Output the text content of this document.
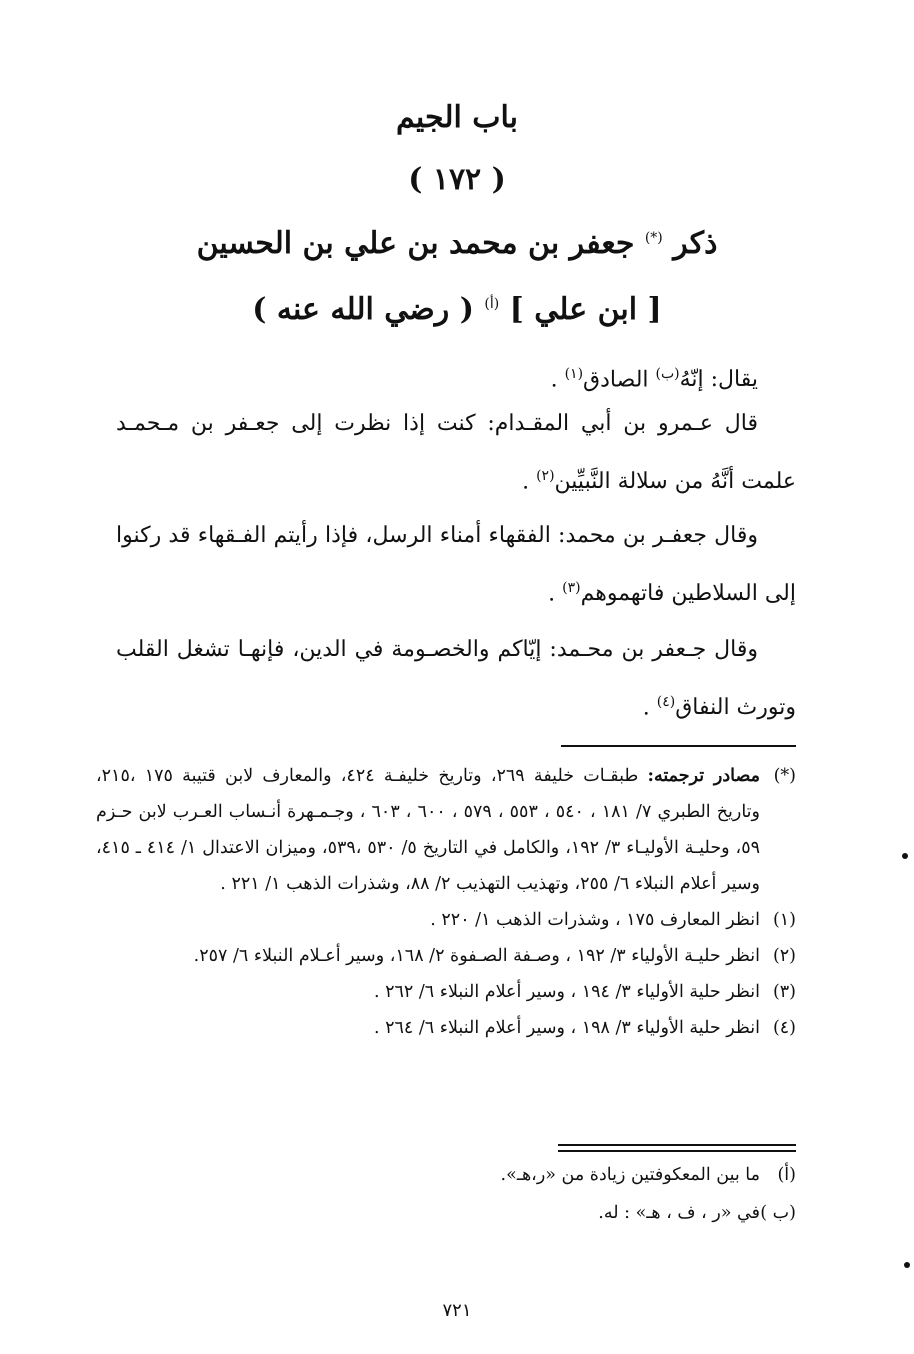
باب الجيم
( ١٧٢ )
ذكر (*) جعفر بن محمد بن علي بن الحسين
[ ابن علي ] $^{(أ)}$ ( رضي الله عنه )
يقال: إنّهُ$^{(ب)}$ الصادق$^{(١)}$ .
قال عـمرو بن أبي المقـدام: كنت إذا نظرت إلى جعـفر بن مـحمـد علمت أنَّهُ من سلالة النَّبيِّين$^{(٢)}$ .
وقال جعفـر بن محمد: الفقهاء أمناء الرسل، فإذا رأيتم الفـقهاء قد ركنوا إلى السلاطين فاتهموهم$^{(٣)}$ .
وقال جـعفر بن محـمد: إيّاكم والخصـومة في الدين، فإنهـا تشغل القلب وتورث النفاق$^{(٤)}$ .
(*)
مصادر ترجمته: طبقـات خليفة ٢٦٩، وتاريخ خليفـة ٤٢٤، والمعارف لابن قتيبة ١٧٥ ،٢١٥، وتاريخ الطبري ٧/ ١٨١ ، ٥٤٠ ، ٥٥٣ ، ٥٧٩ ، ٦٠٠ ، ٦٠٣ ، وجـمـهرة أنـساب العـرب لابن حـزم ٥٩، وحليـة الأوليـاء ٣/ ١٩٢، والكامل في التاريخ ٥/ ٥٣٠ ،٥٣٩، وميزان الاعتدال ١/ ٤١٤ ـ ٤١٥، وسير أعلام النبلاء ٦/ ٢٥٥، وتهذيب التهذيب ٢/ ٨٨، وشذرات الذهب ١/ ٢٢١ .
(١)
انظر المعارف ١٧٥ ، وشذرات الذهب ١/ ٢٢٠ .
(٢)
انظر حليـة الأولياء ٣/ ١٩٢ ، وصـفة الصـفوة ٢/ ١٦٨، وسير أعـلام النبلاء ٦/ ٢٥٧.
(٣)
انظر حلية الأولياء ٣/ ١٩٤ ، وسير أعلام النبلاء ٦/ ٢٦٢ .
(٤)
انظر حلية الأولياء ٣/ ١٩٨ ، وسير أعلام النبلاء ٦/ ٢٦٤ .
(أ)
ما بين المعكوفتين زيادة من «ر،هـ».
(ب )
في «ر ، ف ، هـ» : له.
٧٢١
